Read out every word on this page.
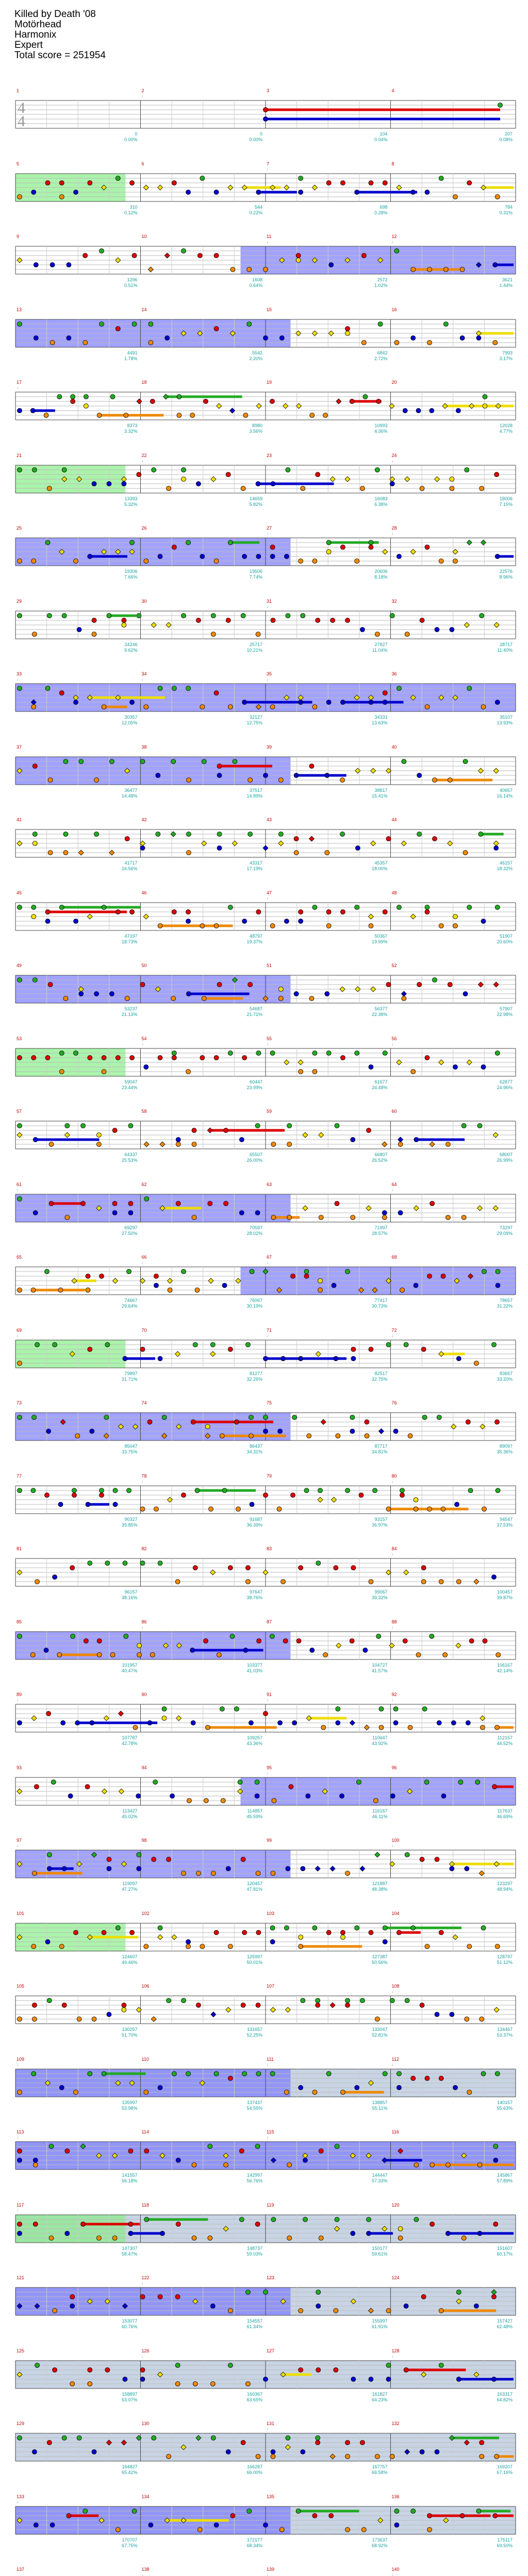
Killed by Death '08
Motörhead
Harmonix
Expert
Total score = 251954
1	2
♩
3	4
0
0.00%
0
0.00%
104
0.04%
207
0.08%
4
4
5	6	7
♩
8
310
0.12%
544
0.22%
698
0.28%
784
0.31%
9	10	11
♩
12
♩
1296
0.51%
1608
0.64%
2572
1.02%
3621
1.44%
13	14	15	16
4491
1.78%
5542
2.20%
6842
2.72%
7993
3.17%
17
♩
18	19	20
8373
3.32%
8980
3.56%
10993
4.36%
12028
4.77%
21	22
♩
23	24
♩
13393
5.32%
14659
5.82%
16083
6.38%
18006
7.15%
25	26	27
♩
28
♩
19306
7.66%
19506
7.74%
20606
8.18%
22576
8.96%
29	30	31
♩
32
24246
9.62%
25717
10.21%
27827
11.04%
28717
11.40%
33
♩
34
♩
35
♩
36
♩
30357
12.05%
32127
12.75%
34331
13.63%
35107
13.93%
37	38	39	40
36477
14.48%
37517
14.89%
38817
15.41%
40657
16.14%
41	42	43	44
41717
16.56%
43317
17.19%
45357
18.00%
46157
18.32%
45	46	47
♩
48
47197
18.73%
48797
19.37%
50367
19.99%
51907
20.60%
49	50	51	52
53237
21.13%
54687
21.71%
56377
22.38%
57907
22.98%
53	54
♩
55
♩
56
♩
59047
23.44%
60447
23.99%
61677
24.48%
62877
24.96%
57	58	59	60
64337
25.53%
65507
26.00%
66807
26.52%
68007
26.99%
61
♩
62	63	64
♩
69297
27.50%
70597
28.02%
71997
28.57%
73297
29.09%
65	66
♩
67
♩
68
74667
29.64%
76067
30.19%
77417
30.73%
78657
31.22%
69
♩
70	71
♩
72
♩
79897
31.71%
81277
32.26%
82517
32.75%
83657
33.20%
73	74	75	76
85047
33.75%
86437
34.31%
87717
34.81%
89097
35.36%
77
♩
78
♩
79	80
♩
90327
35.85%
91687
36.39%
93157
36.97%
94547
37.53%
81	82	83	84
♩
96157
38.16%
97647
38.76%
99067
39.32%
100457
39.87%
85	86
♩
87	88
♩
101957
40.47%
103377
41.03%
104727
41.57%
106167
42.14%
89
♩
90	91
♩
92
♩
107787
42.78%
109257
43.36%
110647
43.92%
112157
44.52%
93	94	95
♩
96
113427
45.02%
114857
45.59%
116167
46.11%
117637
46.69%
97
♩
98	99	100
♩
119097
47.27%
120457
47.81%
121887
48.38%
123297
48.94%
101	102	103	104
124607
49.46%
125997
50.01%
127387
50.56%
128797
51.12%
105	106	107	108
♩
130257
51.70%
131657
52.25%
133047
52.81%
134467
53.37%
109
♩
110	111
♩
112
♩
135997
53.98%
137437
54.55%
138857
55.11%
140157
55.63%
113
♩
114	115
♩
116
141557
56.18%
142997
56.76%
144447
57.33%
145867
57.89%
117
♩
118	119	120
147307
58.47%
148737
59.03%
150177
59.61%
151607
60.17%
121	122
♩
123	124
153077
60.76%
154557
61.34%
155997
61.91%
157427
62.48%
125	126
♩
127	128
♩
158897
63.07%
160367
63.65%
161827
64.23%
163317
64.82%
129	130	131
♩
132
164827
65.42%
166287
66.00%
167757
66.58%
169207
67.16%
133
♩
134	135	136
170707
67.75%
172177
68.34%
173637
68.92%
175117
69.50%
137	138
♩
139
♩
140
♩
